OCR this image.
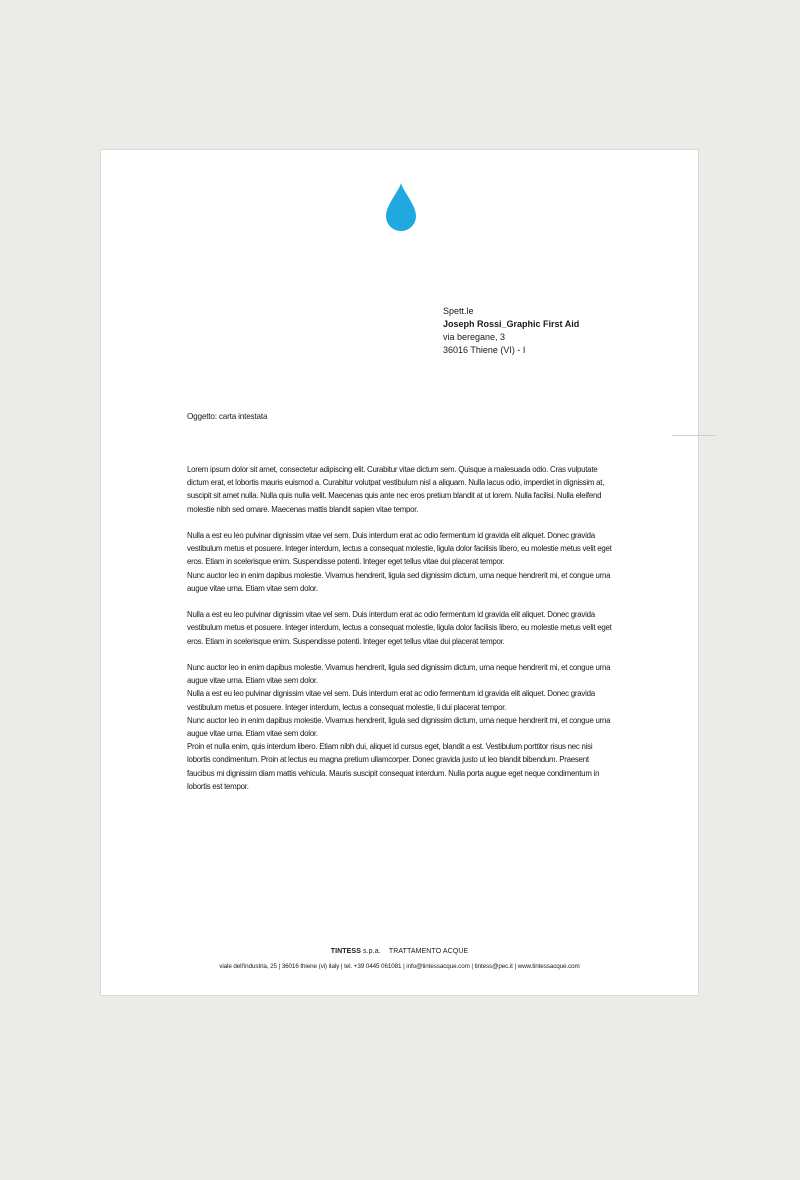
Spett.le
Joseph Rossi_Graphic First Aid
via beregane, 3
36016 Thiene (VI) - I
Oggetto: carta intestata

Lorem ipsum dolor sit amet, consectetur adipiscing elit. Curabitur vitae dictum sem. Quisque a malesuada odio. Cras vulputate dictum erat, et lobortis mauris euismod a. Curabitur volutpat vestibulum nisl a aliquam. Nulla lacus odio, imperdiet in dignissim at, suscipit sit amet nulla. Nulla quis nulla velit. Maecenas quis ante nec eros pretium blandit at ut lorem. Nulla facilisi. Nulla eleifend molestie nibh sed ornare. Maecenas mattis blandit sapien vitae tempor.

Nulla a est eu leo pulvinar dignissim vitae vel sem. Duis interdum erat ac odio fermentum id gravida elit aliquet. Donec gravida vestibulum metus et posuere. Integer interdum, lectus a consequat molestie, ligula dolor facilisis libero, eu molestie metus velit eget eros. Etiam in scelerisque enim. Suspendisse potenti. Integer eget tellus vitae dui placerat tempor.
Nunc auctor leo in enim dapibus molestie. Vivamus hendrerit, ligula sed dignissim dictum, urna neque hendrerit mi, et congue urna augue vitae urna. Etiam vitae sem dolor.

Nulla a est eu leo pulvinar dignissim vitae vel sem. Duis interdum erat ac odio fermentum id gravida elit aliquet. Donec gravida vestibulum metus et posuere. Integer interdum, lectus a consequat molestie, ligula dolor facilisis libero, eu molestie metus velit eget eros. Etiam in scelerisque enim. Suspendisse potenti. Integer eget tellus vitae dui placerat tempor.

Nunc auctor leo in enim dapibus molestie. Vivamus hendrerit, ligula sed dignissim dictum, urna neque hendrerit mi, et congue urna augue vitae urna. Etiam vitae sem dolor.
Nulla a est eu leo pulvinar dignissim vitae vel sem. Duis interdum erat ac odio fermentum id gravida elit aliquet. Donec gravida vestibulum metus et posuere. Integer interdum, lectus a consequat molestie, li dui placerat tempor.
Nunc auctor leo in enim dapibus molestie. Vivamus hendrerit, ligula sed dignissim dictum, urna neque hendrerit mi, et congue urna augue vitae urna. Etiam vitae sem dolor.
Proin et nulla enim, quis interdum libero. Etiam nibh dui, aliquet id cursus eget, blandit a est. Vestibulum porttitor risus nec nisi lobortis condimentum. Proin at lectus eu magna pretium ullamcorper. Donec gravida justo ut leo blandit bibendum. Praesent faucibus mi dignissim diam mattis vehicula. Mauris suscipit consequat interdum. Nulla porta augue eget neque condimentum in lobortis est tempor.

TINTESS s.p.a. TRATTAMENTO ACQUE
viale dell'industria, 25 | 36016 thiene (vi) italy | tel. +39 0445 061081 | info@tintessacque.com | tintess@pec.it | www.tintessacque.com
